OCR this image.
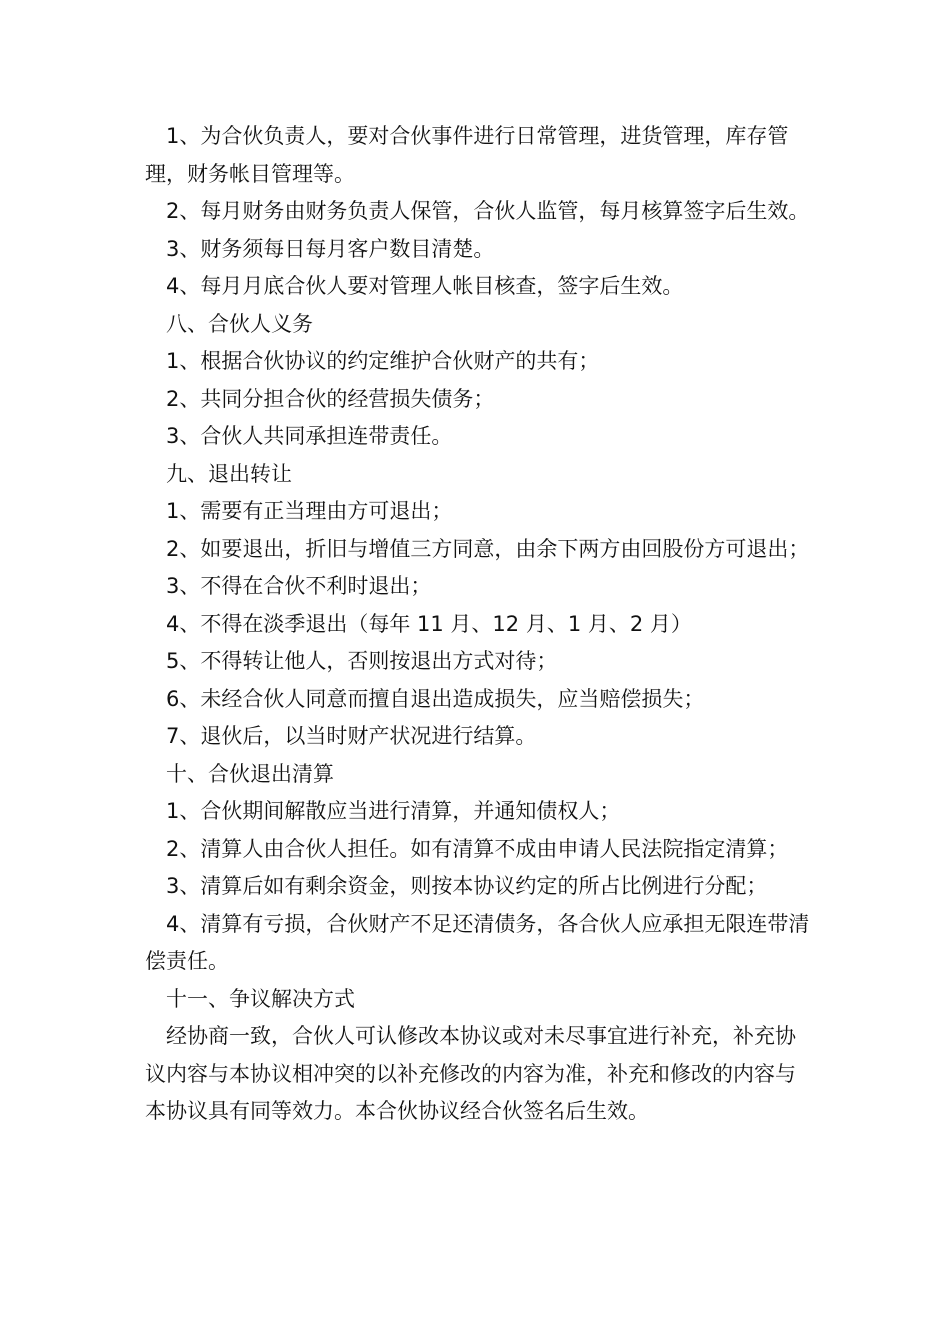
1、为合伙负责人，要对合伙事件进行日常管理，进货管理，库存管理，财务帐目管理等。

2、每月财务由财务负责人保管，合伙人监管，每月核算签字后生效。

3、财务须每日每月客户数目清楚。

4、每月月底合伙人要对管理人帐目核查，签字后生效。

八、合伙人义务

1、根据合伙协议的约定维护合伙财产的共有；

2、共同分担合伙的经营损失债务；

3、合伙人共同承担连带责任。

九、退出转让

1、需要有正当理由方可退出；

2、如要退出，折旧与增值三方同意，由余下两方由回股份方可退出；

3、不得在合伙不利时退出；

4、不得在淡季退出（每年 11 月、12 月、1 月、2 月）

5、不得转让他人，否则按退出方式对待；

6、未经合伙人同意而擅自退出造成损失，应当赔偿损失；

7、退伙后，以当时财产状况进行结算。

十、合伙退出清算

1、合伙期间解散应当进行清算，并通知债权人；

2、清算人由合伙人担任。如有清算不成由申请人民法院指定清算；

3、清算后如有剩余资金，则按本协议约定的所占比例进行分配；

4、清算有亏损，合伙财产不足还清债务，各合伙人应承担无限连带清偿责任。

十一、争议解决方式

经协商一致，合伙人可认修改本协议或对未尽事宜进行补充，补充协议内容与本协议相冲突的以补充修改的内容为准，补充和修改的内容与本协议具有同等效力。本合伙协议经合伙签名后生效。
